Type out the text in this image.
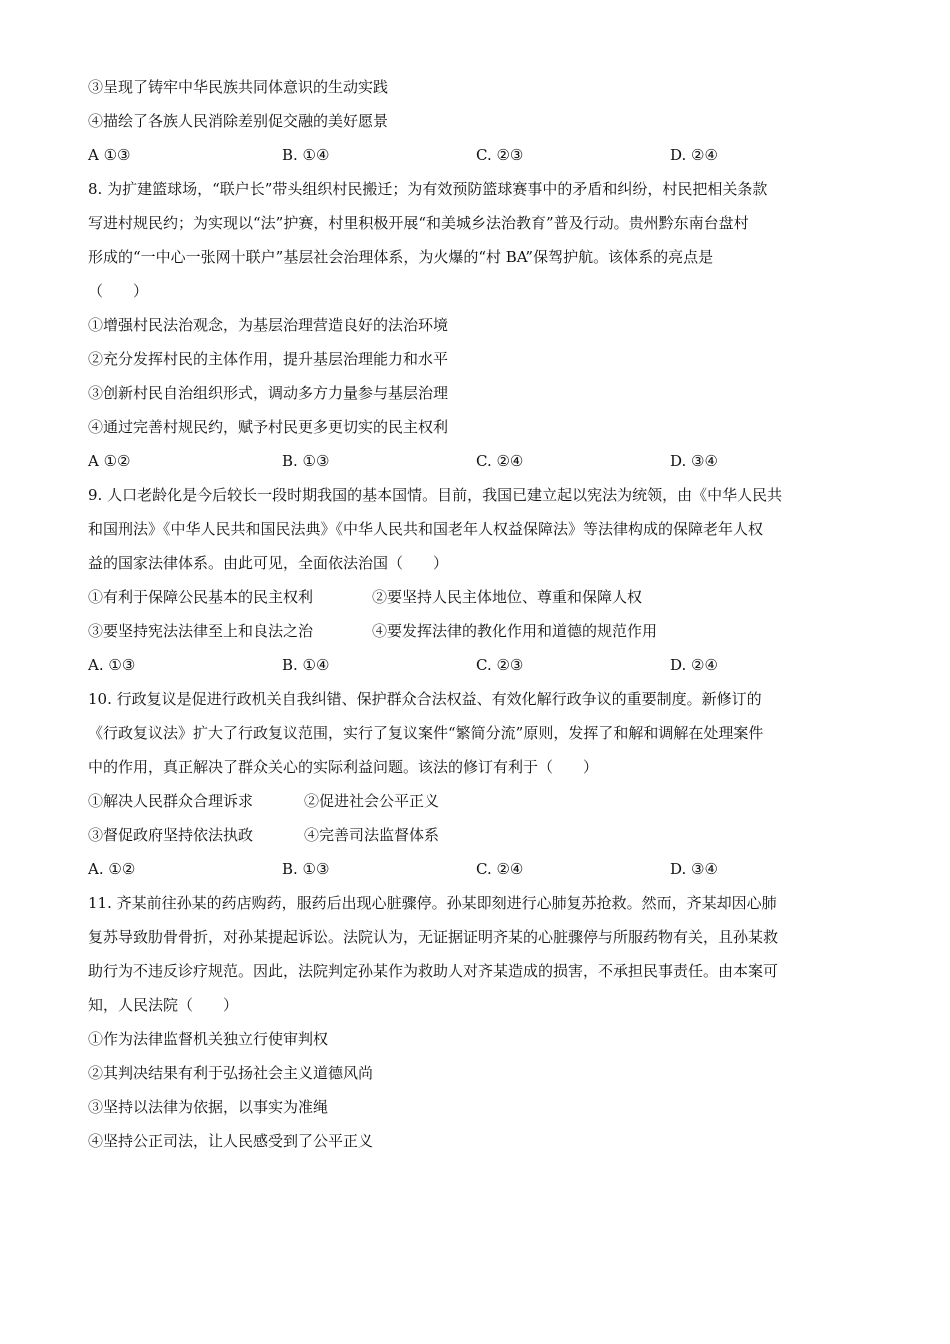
③呈现了铸牢中华民族共同体意识的生动实践
④描绘了各族人民消除差别促交融的美好愿景
A ①③	B. ①④	C. ②③	D. ②④
8. 为扩建篮球场，“联户长”带头组织村民搬迁；为有效预防篮球赛事中的矛盾和纠纷，村民把相关条款
写进村规民约；为实现以“法”护赛，村里积极开展“和美城乡法治教育”普及行动。贵州黔东南台盘村
形成的“一中心一张网十联户”基层社会治理体系，为火爆的“村 BA”保驾护航。该体系的亮点是
（　　）
①增强村民法治观念，为基层治理营造良好的法治环境
②充分发挥村民的主体作用，提升基层治理能力和水平
③创新村民自治组织形式，调动多方力量参与基层治理
④通过完善村规民约，赋予村民更多更切实的民主权利
A ①②	B. ①③	C. ②④	D. ③④
9. 人口老龄化是今后较长一段时期我国的基本国情。目前，我国已建立起以宪法为统领，由《中华人民共
和国刑法》《中华人民共和国民法典》《中华人民共和国老年人权益保障法》等法律构成的保障老年人权
益的国家法律体系。由此可见，全面依法治国（　　）
①有利于保障公民基本的民主权利	②要坚持人民主体地位、尊重和保障人权
③要坚持宪法法律至上和良法之治	④要发挥法律的教化作用和道德的规范作用
A. ①③	B. ①④	C. ②③	D. ②④
10. 行政复议是促进行政机关自我纠错、保护群众合法权益、有效化解行政争议的重要制度。新修订的
《行政复议法》扩大了行政复议范围，实行了复议案件“繁简分流”原则，发挥了和解和调解在处理案件
中的作用，真正解决了群众关心的实际利益问题。该法的修订有利于（　　）
①解决人民群众合理诉求	②促进社会公平正义
③督促政府坚持依法执政	④完善司法监督体系
A. ①②	B. ①③	C. ②④	D. ③④
11. 齐某前往孙某的药店购药，服药后出现心脏骤停。孙某即刻进行心肺复苏抢救。然而，齐某却因心肺
复苏导致肋骨骨折，对孙某提起诉讼。法院认为，无证据证明齐某的心脏骤停与所服药物有关，且孙某救
助行为不违反诊疗规范。因此，法院判定孙某作为救助人对齐某造成的损害，不承担民事责任。由本案可
知，人民法院（　　）
①作为法律监督机关独立行使审判权
②其判决结果有利于弘扬社会主义道德风尚
③坚持以法律为依据，以事实为准绳
④坚持公正司法，让人民感受到了公平正义
